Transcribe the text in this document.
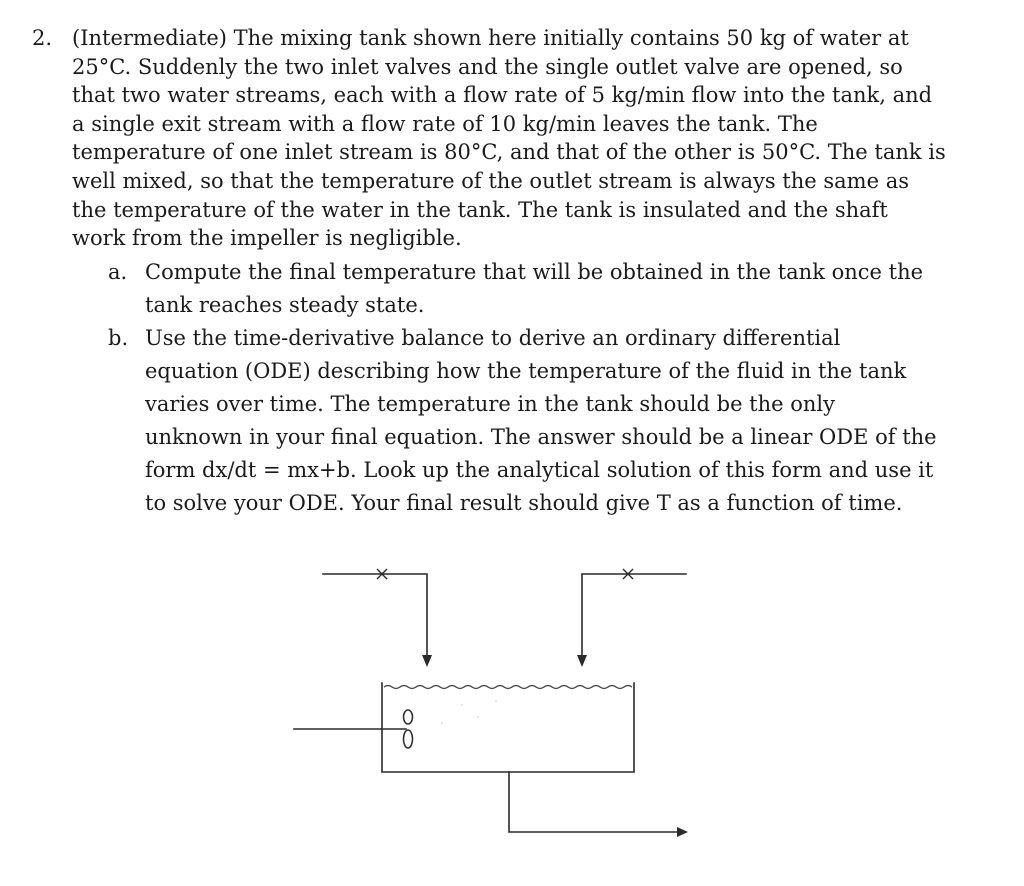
2. (Intermediate) The mixing tank shown here initially contains 50 kg of water at
25°C. Suddenly the two inlet valves and the single outlet valve are opened, so
that two water streams, each with a flow rate of 5 kg/min flow into the tank, and
a single exit stream with a flow rate of 10 kg/min leaves the tank. The
temperature of one inlet stream is 80°C, and that of the other is 50°C. The tank is
well mixed, so that the temperature of the outlet stream is always the same as
the temperature of the water in the tank. The tank is insulated and the shaft
work from the impeller is negligible.
a. Compute the final temperature that will be obtained in the tank once the
tank reaches steady state.
b. Use the time-derivative balance to derive an ordinary differential
equation (ODE) describing how the temperature of the fluid in the tank
varies over time. The temperature in the tank should be the only
unknown in your final equation. The answer should be a linear ODE of the
form dx/dt = mx+b. Look up the analytical solution of this form and use it
to solve your ODE. Your final result should give T as a function of time.
